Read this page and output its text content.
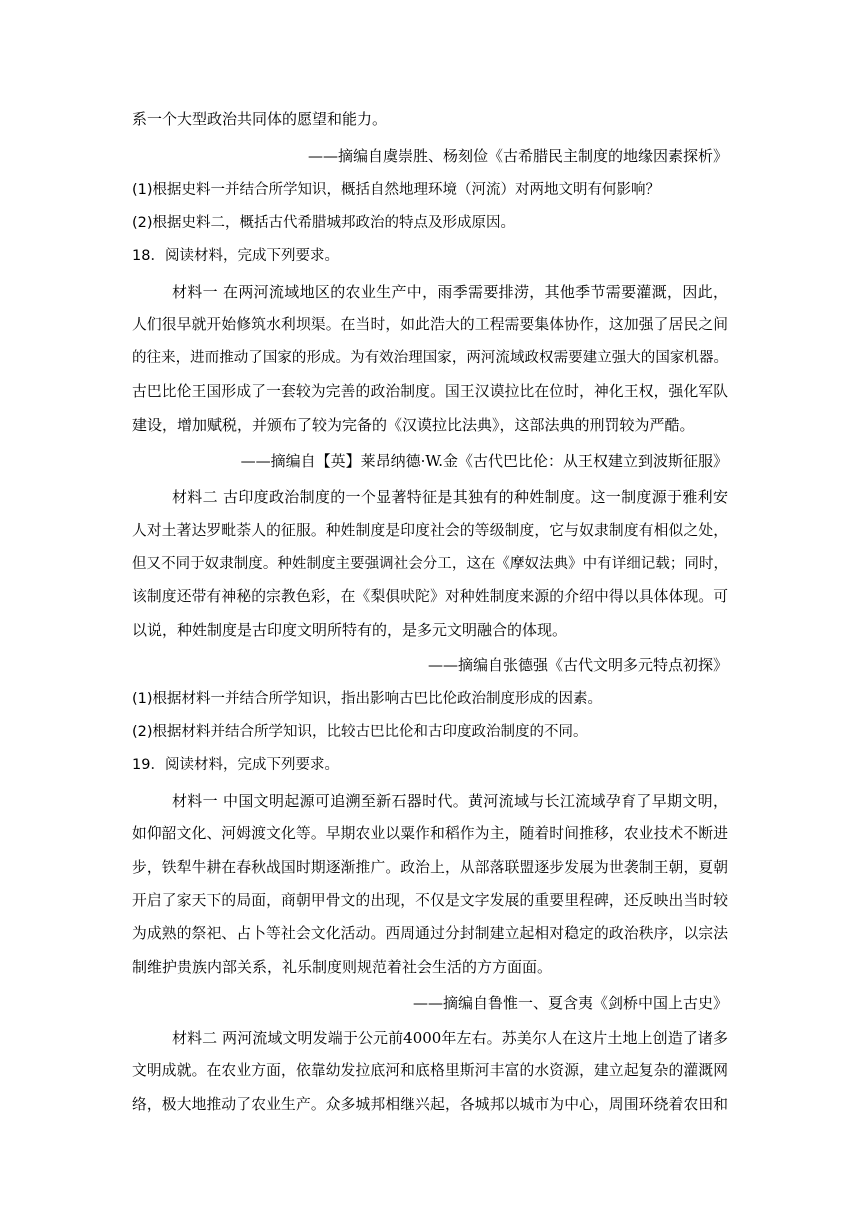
系一个大型政治共同体的愿望和能力。
——摘编自虞崇胜、杨刻俭《古希腊民主制度的地缘因素探析》
(1)根据史料一并结合所学知识，概括自然地理环境（河流）对两地文明有何影响？
(2)根据史料二，概括古代希腊城邦政治的特点及形成原因。
18．阅读材料，完成下列要求。
材料一 在两河流域地区的农业生产中，雨季需要排涝，其他季节需要灌溉，因此，
人们很早就开始修筑水利坝渠。在当时，如此浩大的工程需要集体协作，这加强了居民之间
的往来，进而推动了国家的形成。为有效治理国家，两河流域政权需要建立强大的国家机器。
古巴比伦王国形成了一套较为完善的政治制度。国王汉谟拉比在位时，神化王权，强化军队
建设，增加赋税，并颁布了较为完备的《汉谟拉比法典》，这部法典的刑罚较为严酷。
——摘编自【英】莱昂纳德·W.金《古代巴比伦：从王权建立到波斯征服》
材料二 古印度政治制度的一个显著特征是其独有的种姓制度。这一制度源于雅利安
人对土著达罗毗荼人的征服。种姓制度是印度社会的等级制度，它与奴隶制度有相似之处，
但又不同于奴隶制度。种姓制度主要强调社会分工，这在《摩奴法典》中有详细记载；同时，
该制度还带有神秘的宗教色彩，在《梨俱吠陀》对种姓制度来源的介绍中得以具体体现。可
以说，种姓制度是古印度文明所特有的，是多元文明融合的体现。
——摘编自张德强《古代文明多元特点初探》
(1)根据材料一并结合所学知识，指出影响古巴比伦政治制度形成的因素。
(2)根据材料并结合所学知识，比较古巴比伦和古印度政治制度的不同。
19．阅读材料，完成下列要求。
材料一 中国文明起源可追溯至新石器时代。黄河流域与长江流域孕育了早期文明，
如仰韶文化、河姆渡文化等。早期农业以粟作和稻作为主，随着时间推移，农业技术不断进
步，铁犁牛耕在春秋战国时期逐渐推广。政治上，从部落联盟逐步发展为世袭制王朝，夏朝
开启了家天下的局面，商朝甲骨文的出现，不仅是文字发展的重要里程碑，还反映出当时较
为成熟的祭祀、占卜等社会文化活动。西周通过分封制建立起相对稳定的政治秩序，以宗法
制维护贵族内部关系，礼乐制度则规范着社会生活的方方面面。
——摘编自鲁惟一、夏含夷《剑桥中国上古史》
材料二 两河流域文明发端于公元前4000年左右。苏美尔人在这片土地上创造了诸多
文明成就。在农业方面，依靠幼发拉底河和底格里斯河丰富的水资源，建立起复杂的灌溉网
络，极大地推动了农业生产。众多城邦相继兴起，各城邦以城市为中心，周围环绕着农田和
